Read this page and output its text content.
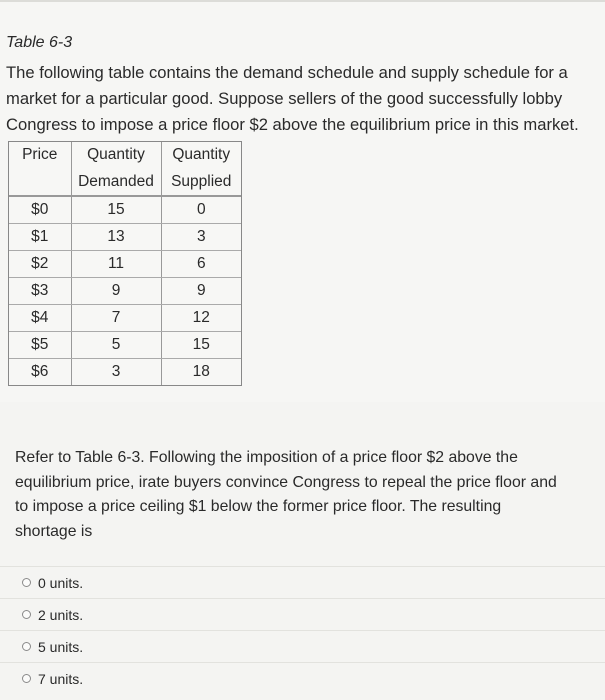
Table 6-3
The following table contains the demand schedule and supply schedule for a
market for a particular good. Suppose sellers of the good successfully lobby
Congress to impose a price floor $2 above the equilibrium price in this market.
Price	Quantity	Quantity
	Demanded	Supplied
$0	15	0
$1	13	3
$2	11	6
$3	9	9
$4	7	12
$5	5	15
$6	3	18
Refer to Table 6-3. Following the imposition of a price floor $2 above the
equilibrium price, irate buyers convince Congress to repeal the price floor and
to impose a price ceiling $1 below the former price floor. The resulting
shortage is
0 units.
2 units.
5 units.
7 units.
